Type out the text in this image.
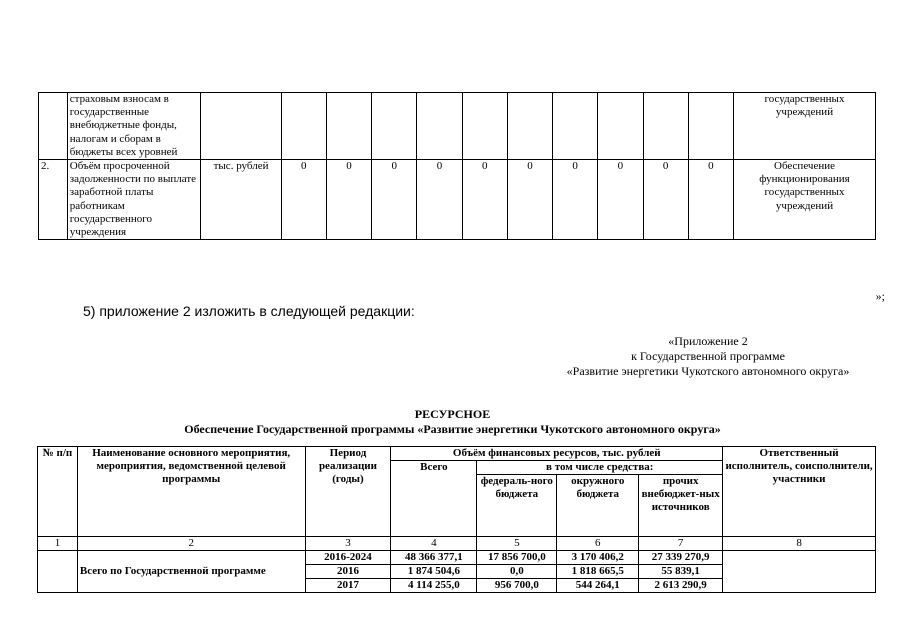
	страховым взносам в государственные внебюджетные фонды, налогам и сборам в бюджеты всех уровней												государственных учреждений
2.	Объём просроченной задолженности по выплате заработной платы работникам государственного учреждения	тыс. рублей	0	0	0	0	0	0	0	0	0	0	Обеспечение функционирования государственных учреждений
»;
5) приложение 2 изложить в следующей редакции:
«Приложение 2
к Государственной программе
«Развитие энергетики Чукотского автономного округа»
РЕСУРСНОЕ
Обеспечение Государственной программы «Развитие энергетики Чукотского автономного округа»
№ п/п	Наименование основного мероприятия, мероприятия, ведомственной целевой программы	Период реализации (годы)	Объём финансовых ресурсов, тыс. рублей				Ответственный исполнитель, соисполнители, участники
			Всего	в том числе средства:			
				федераль-ного бюджета	окружного бюджета	прочих внебюджет-ных источников	
1	2	3	4	5	6	7	8
	Всего по Государственной программе	2016-2024	48 366 377,1	17 856 700,0	3 170 406,2	27 339 270,9	
		2016	1 874 504,6	0,0	1 818 665,5	55 839,1	
		2017	4 114 255,0	956 700,0	544 264,1	2 613 290,9	
